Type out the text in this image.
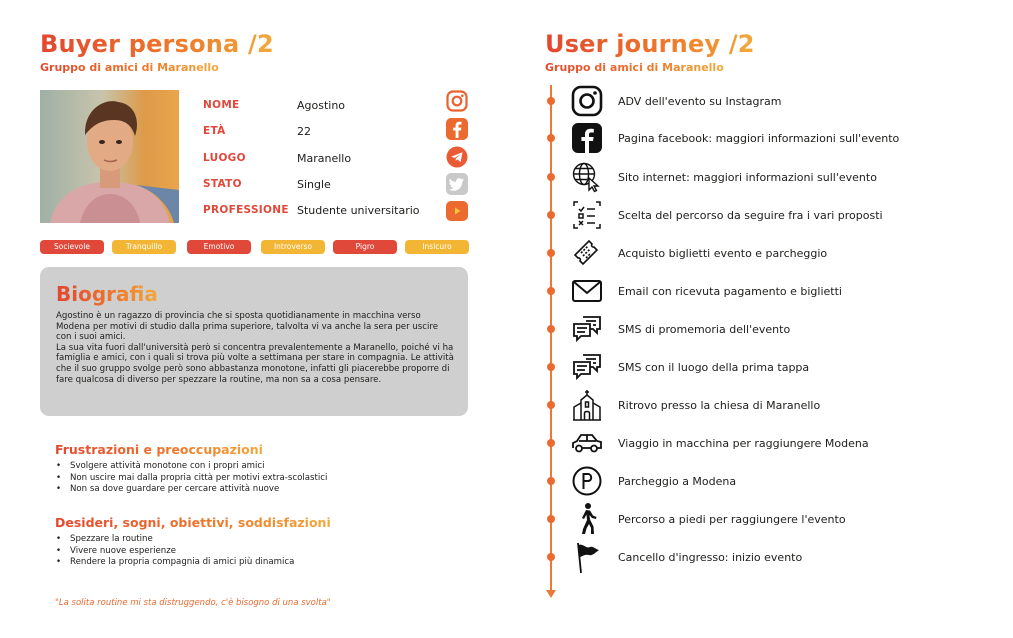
Buyer persona /2
Gruppo di amici di Maranello
NOME	Agostino
ETÀ	22
LUOGO	Maranello
STATO	Single
PROFESSIONE Studente universitario
Socievole	Tranquillo	Emotivo	Introverso	Pigro	Insicuro
Biografia

Agostino è un ragazzo di provincia che si sposta quotidianamente in macchina verso Modena per motivi di studio dalla prima superiore, talvolta vi va anche la sera per uscire con i suoi amici.

La sua vita fuori dall'università però si concentra prevalentemente a Maranello, poiché vi ha famiglia e amici, con i quali si trova più volte a settimana per stare in compagnia. Le attività che il suo gruppo svolge però sono abbastanza monotone, infatti gli piacerebbe proporre di fare qualcosa di diverso per spezzare la routine, ma non sa a cosa pensare.

Frustrazioni e preoccupazioni
• Svolgere attività monotone con i propri amici
• Non uscire mai dalla propria città per motivi extra-scolastici
• Non sa dove guardare per cercare attività nuove
Desideri, sogni, obiettivi, soddisfazioni
• Spezzare la routine
• Vivere nuove esperienze
• Rendere la propria compagnia di amici più dinamica
"La solita routine mi sta distruggendo, c'è bisogno di una svolta"
User journey /2
Gruppo di amici di Maranello
ADV dell'evento su Instagram
Pagina facebook: maggiori informazioni sull'evento
Sito internet: maggiori informazioni sull'evento
Scelta del percorso da seguire fra i vari proposti
Acquisto biglietti evento e parcheggio
Email con ricevuta pagamento e biglietti
SMS di promemoria dell'evento
SMS con il luogo della prima tappa
Ritrovo presso la chiesa di Maranello
Viaggio in macchina per raggiungere Modena
Parcheggio a Modena
Percorso a piedi per raggiungere l'evento
Cancello d'ingresso: inizio evento
